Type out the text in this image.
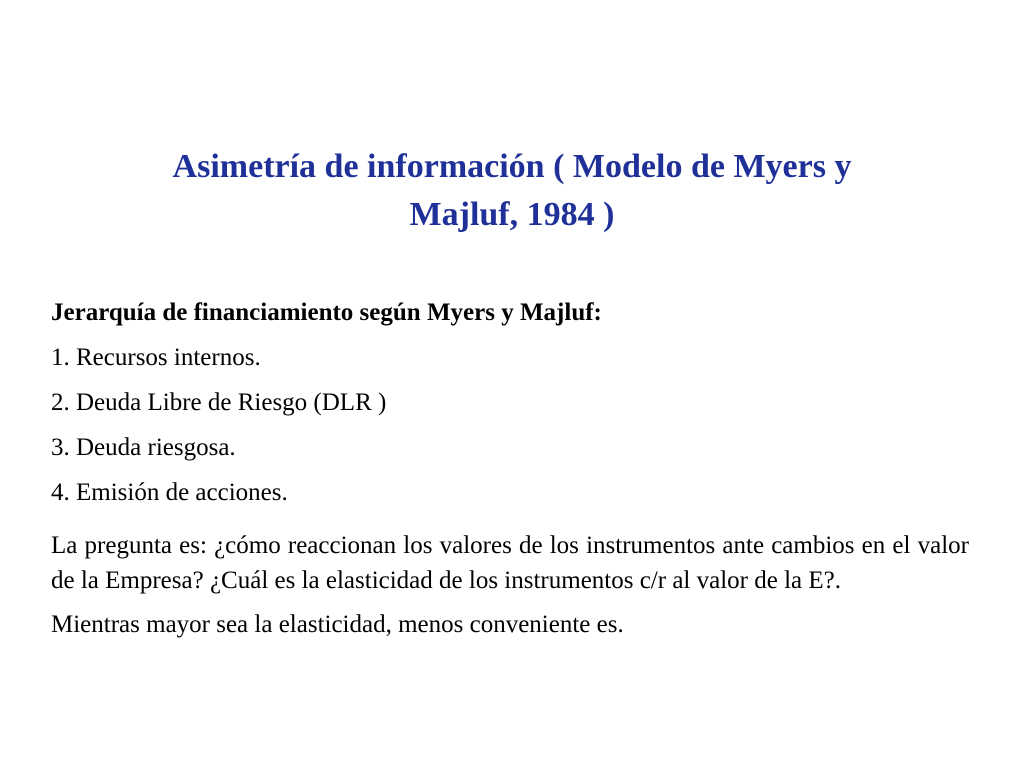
Asimetría de información ( Modelo de Myers y
Majluf, 1984 )

Jerarquía de financiamiento según Myers y Majluf:

1. Recursos internos.
2. Deuda Libre de Riesgo (DLR )
3. Deuda riesgosa.
4. Emisión de acciones.

La pregunta es: ¿cómo reaccionan los valores de los instrumentos ante cambios en el valor de la Empresa? ¿Cuál es la elasticidad de los instrumentos c/r al valor de la E?.

Mientras mayor sea la elasticidad, menos conveniente es.
